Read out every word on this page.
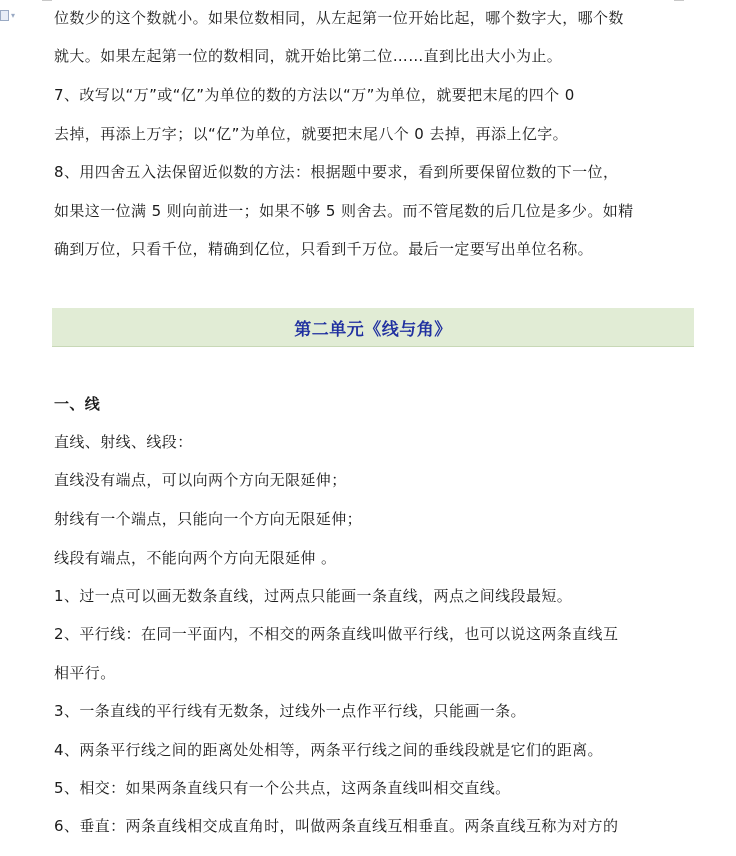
▾	位数少的这个数就小。如果位数相同，从左起第一位开始比起，哪个数字大，哪个数
就大。如果左起第一位的数相同，就开始比第二位……直到比出大小为止。
7、改写以“万”或“亿”为单位的数的方法以“万”为单位，就要把末尾的四个 0
去掉，再添上万字；以“亿”为单位，就要把末尾八个 0 去掉，再添上亿字。
8、用四舍五入法保留近似数的方法：根据题中要求，看到所要保留位数的下一位，
如果这一位满 5 则向前进一；如果不够 5 则舍去。而不管尾数的后几位是多少。如精
确到万位，只看千位，精确到亿位，只看到千万位。最后一定要写出单位名称。
第二单元《线与角》
一、线
直线、射线、线段：
直线没有端点，可以向两个方向无限延伸；
射线有一个端点，只能向一个方向无限延伸；
线段有端点，不能向两个方向无限延伸 。
1、过一点可以画无数条直线，过两点只能画一条直线，两点之间线段最短。
2、平行线：在同一平面内，不相交的两条直线叫做平行线，也可以说这两条直线互
相平行。
3、一条直线的平行线有无数条，过线外一点作平行线，只能画一条。
4、两条平行线之间的距离处处相等，两条平行线之间的垂线段就是它们的距离。
5、相交：如果两条直线只有一个公共点，这两条直线叫相交直线。
6、垂直：两条直线相交成直角时，叫做两条直线互相垂直。两条直线互称为对方的
